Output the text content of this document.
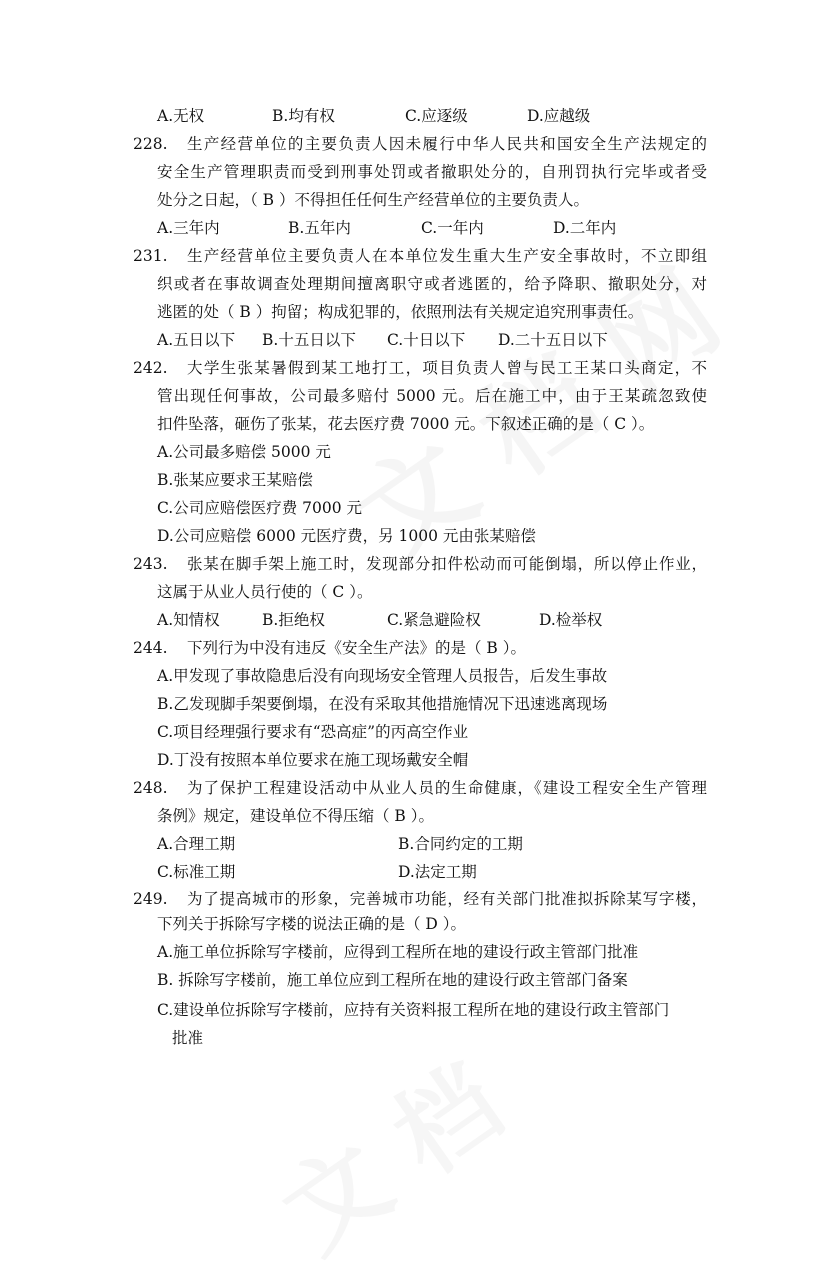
A.无权	B.均有权	C.应逐级	D.应越级
228. 生产经营单位的主要负责人因未履行中华人民共和国安全生产法规定的
安全生产管理职责而受到刑事处罚或者撤职处分的，自刑罚执行完毕或者受
处分之日起，（ B ）不得担任任何生产经营单位的主要负责人。
A.三年内	B.五年内	C.一年内	D.二年内
231. 生产经营单位主要负责人在本单位发生重大生产安全事故时，不立即组
织或者在事故调查处理期间擅离职守或者逃匿的，给予降职、撤职处分，对
逃匿的处（ B ）拘留；构成犯罪的，依照刑法有关规定追究刑事责任。
A.五日以下 B.十五日以下 C.十日以下 D.二十五日以下
242. 大学生张某暑假到某工地打工，项目负责人曾与民工王某口头商定，不
管出现任何事故，公司最多赔付 5000 元。后在施工中，由于王某疏忽致使
扣件坠落，砸伤了张某，花去医疗费 7000 元。下叙述正确的是（ C ）。
A.公司最多赔偿 5000 元
B.张某应要求王某赔偿
C.公司应赔偿医疗费 7000 元
D.公司应赔偿 6000 元医疗费，另 1000 元由张某赔偿
243. 张某在脚手架上施工时，发现部分扣件松动而可能倒塌，所以停止作业，
这属于从业人员行使的（ C ）。
A.知情权	B.拒绝权	C.紧急避险权	D.检举权
244. 下列行为中没有违反《安全生产法》的是（ B ）。
A.甲发现了事故隐患后没有向现场安全管理人员报告，后发生事故
B.乙发现脚手架要倒塌，在没有采取其他措施情况下迅速逃离现场
C.项目经理强行要求有“恐高症”的丙高空作业
D.丁没有按照本单位要求在施工现场戴安全帽
248. 为了保护工程建设活动中从业人员的生命健康，《建设工程安全生产管理
条例》规定，建设单位不得压缩（ B ）。
A.合理工期	B.合同约定的工期
C.标准工期	D.法定工期
249. 为了提高城市的形象，完善城市功能，经有关部门批准拟拆除某写字楼，
下列关于拆除写字楼的说法正确的是（ D ）。
A.施工单位拆除写字楼前，应得到工程所在地的建设行政主管部门批准
B. 拆除写字楼前，施工单位应到工程所在地的建设行政主管部门备案
C.建设单位拆除写字楼前，应持有关资料报工程所在地的建设行政主管部门
批准
